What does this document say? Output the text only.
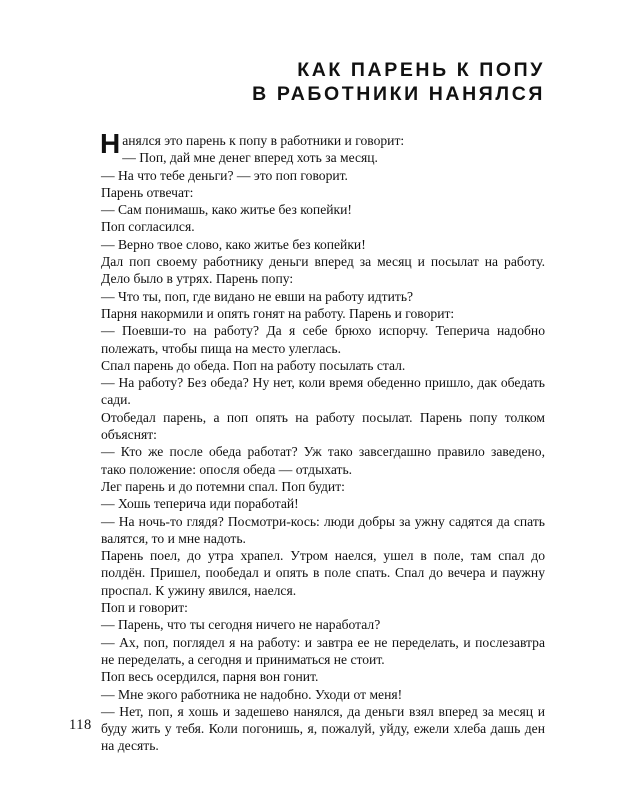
КАК ПАРЕНЬ К ПОПУ
В РАБОТНИКИ НАНЯЛСЯ

Нанялся это парень к попу в работники и говорит:

— Поп, дай мне денег вперед хоть за месяц.

— На что тебе деньги? — это поп говорит.

Парень отвечат:

— Сам понимашь, како житье без копейки!

Поп согласился.

— Верно твое слово, како житье без копейки!

Дал поп своему работнику деньги вперед за месяц и посылат на работу. Дело было в утрях. Парень попу:

— Что ты, поп, где видано не евши на работу идтить?

Парня накормили и опять гонят на работу. Парень и говорит:

— Поевши-то на работу? Да я себе брюхо испорчу. Теперича надобно полежать, чтобы пища на место улеглась.

Спал парень до обеда. Поп на работу посылать стал.

— На работу? Без обеда? Ну нет, коли время обеденно пришло, дак обедать сади.

Отобедал парень, а поп опять на работу посылат. Парень попу толком объяснят:

— Кто же после обеда работат? Уж тако завсегдашно правило заведено, тако положение: опосля обеда — отдыхать.

Лег парень и до потемни спал. Поп будит:

— Хошь теперича иди поработай!

— На ночь-то глядя? Посмотри-кось: люди добры за ужну садятся да спать валятся, то и мне надоть.

Парень поел, до утра храпел. Утром наелся, ушел в поле, там спал до полдён. Пришел, пообедал и опять в поле спать. Спал до вечера и паужну проспал. К ужину явился, наелся.

Поп и говорит:

— Парень, что ты сегодня ничего не наработал?

— Ах, поп, поглядел я на работу: и завтра ее не переделать, и послезавтра не переделать, а сегодня и приниматься не стоит.

Поп весь осердился, парня вон гонит.

— Мне экого работника не надобно. Уходи от меня!

— Нет, поп, я хошь и задешево нанялся, да деньги взял вперед за месяц и буду жить у тебя. Коли погонишь, я, пожалуй, уйду, ежели хлеба дашь ден на десять.

118
